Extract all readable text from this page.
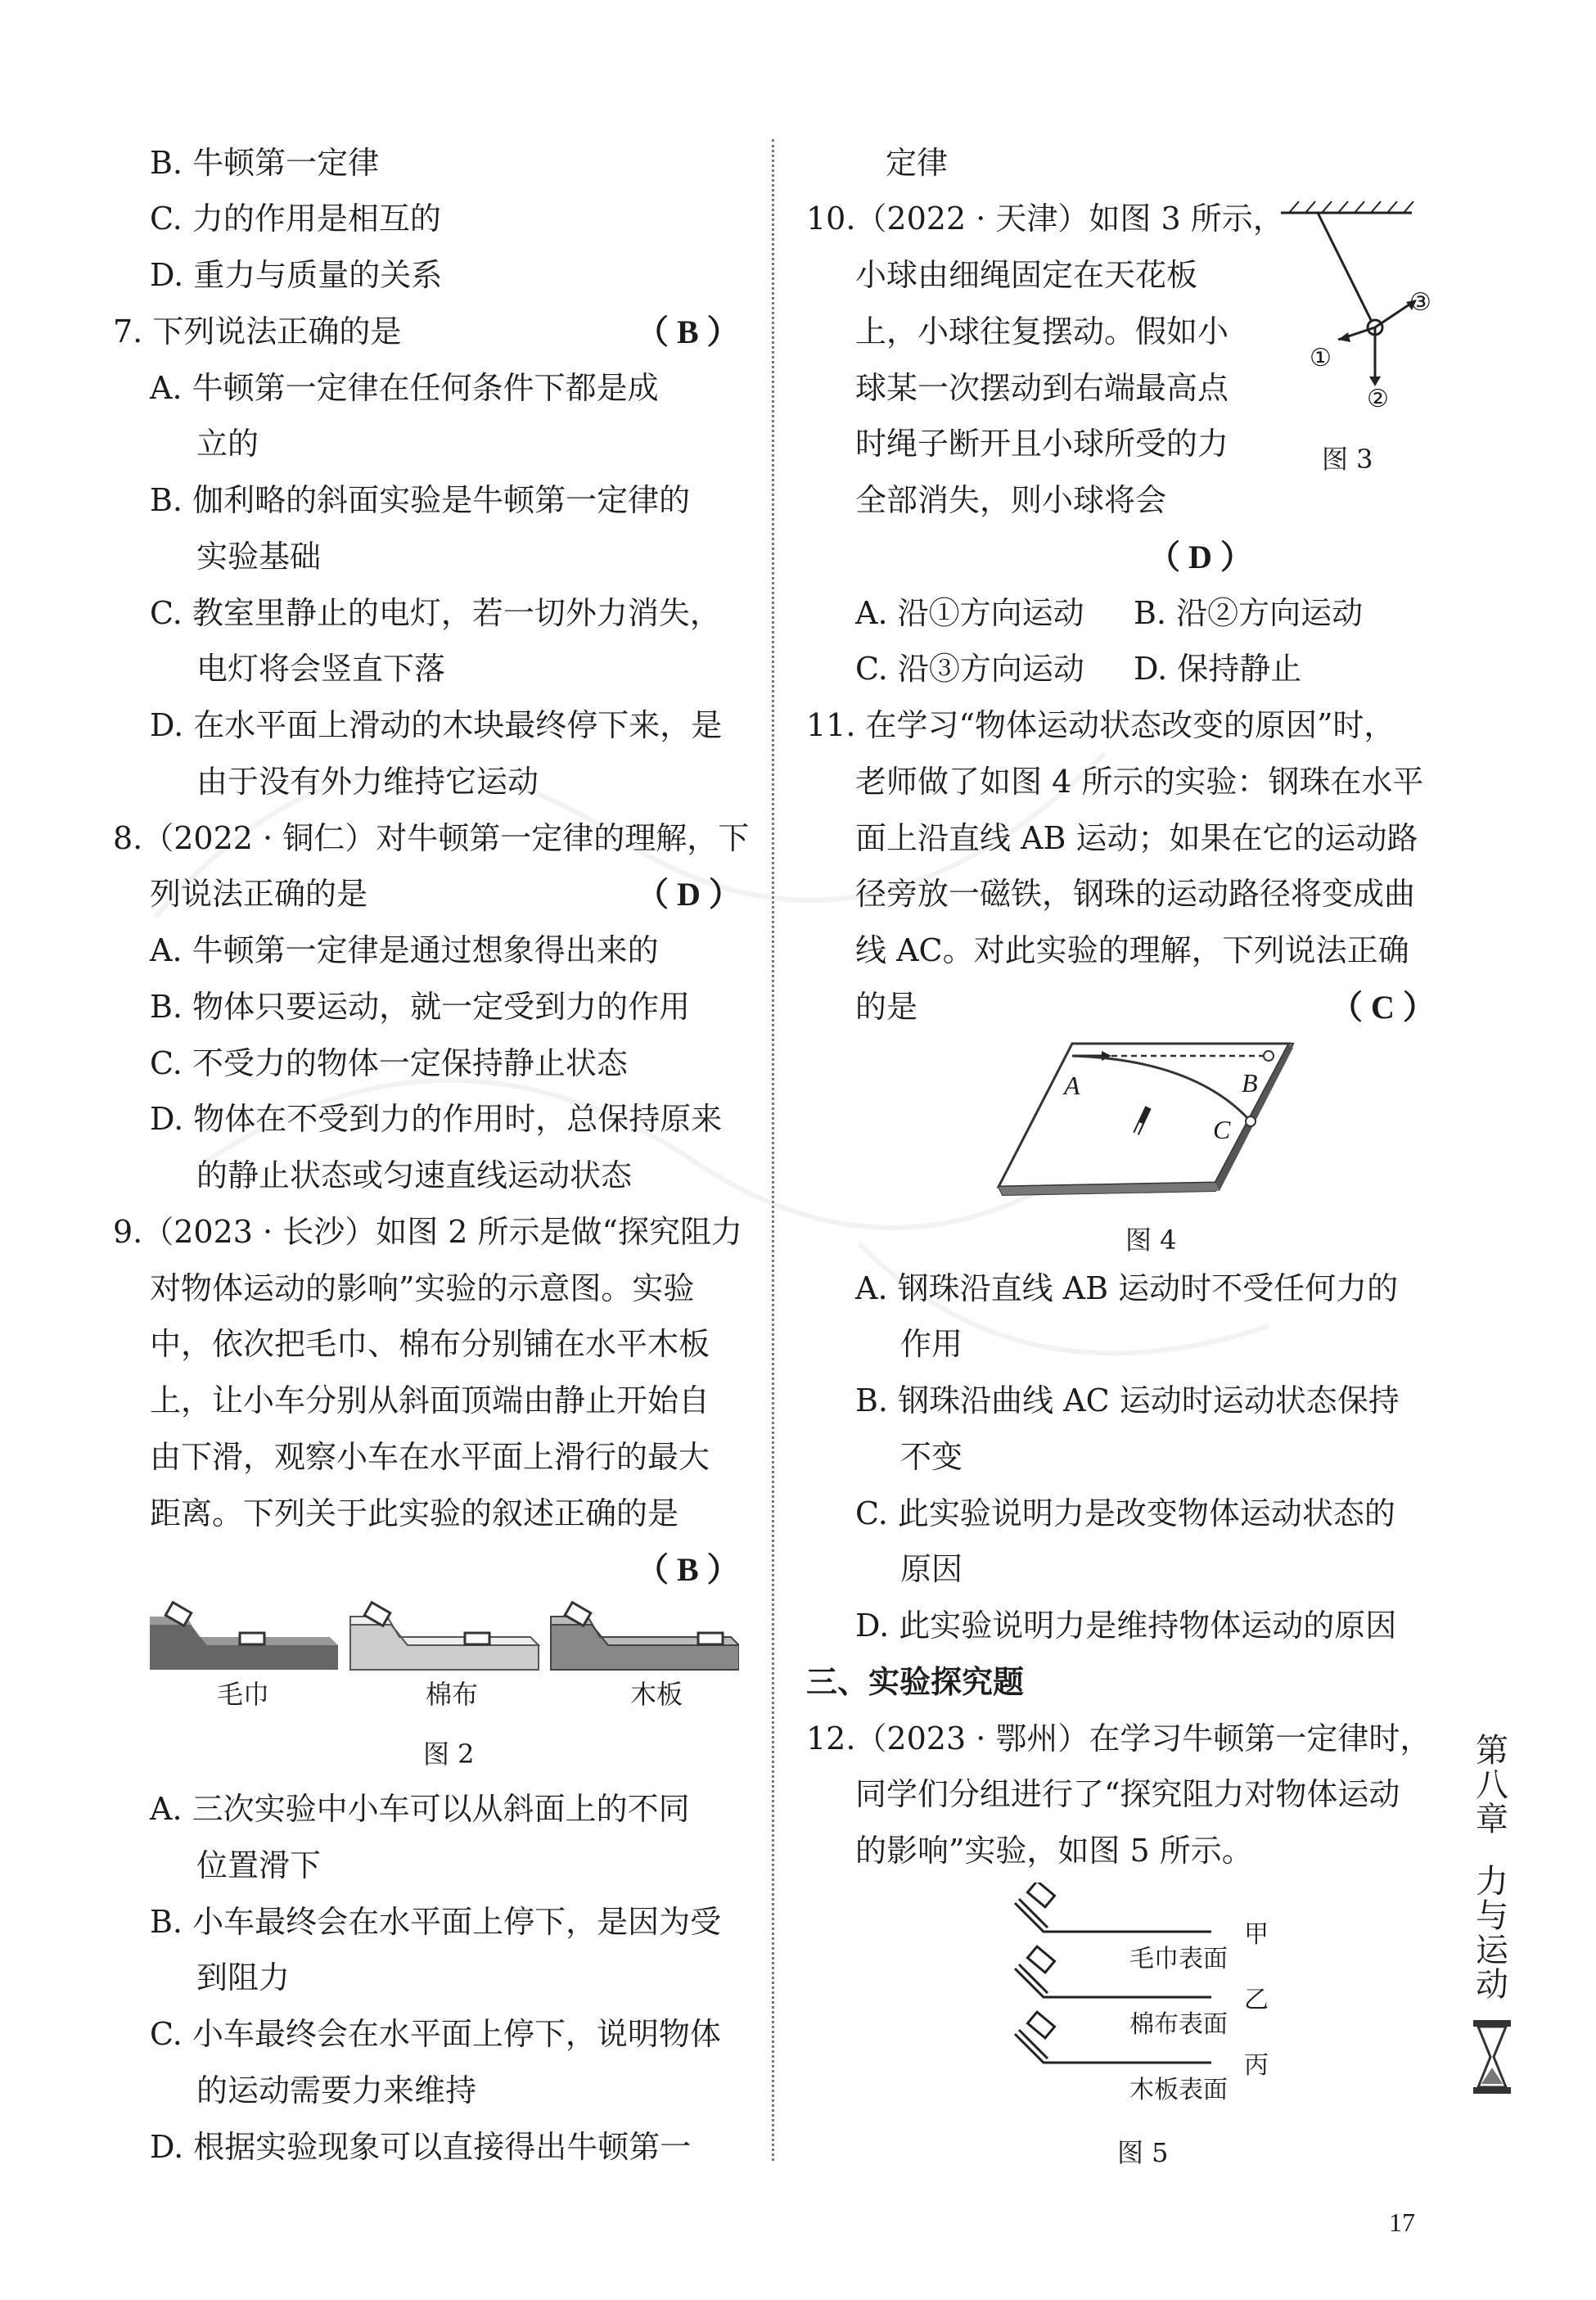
B. 牛顿第一定律
C. 力的作用是相互的
D. 重力与质量的关系
7. 下列说法正确的是	（ B ）
A. 牛顿第一定律在任何条件下都是成
立的
B. 伽利略的斜面实验是牛顿第一定律的
实验基础
C. 教室里静止的电灯，若一切外力消失，
电灯将会竖直下落
D. 在水平面上滑动的木块最终停下来，是
由于没有外力维持它运动
8.（2022 · 铜仁）对牛顿第一定律的理解，下
列说法正确的是	（ D ）
A. 牛顿第一定律是通过想象得出来的
B. 物体只要运动，就一定受到力的作用
C. 不受力的物体一定保持静止状态
D. 物体在不受到力的作用时，总保持原来
的静止状态或匀速直线运动状态
9.（2023 · 长沙）如图 2 所示是做“探究阻力
对物体运动的影响”实验的示意图。实验
中，依次把毛巾、棉布分别铺在水平木板
上，让小车分别从斜面顶端由静止开始自
由下滑，观察小车在水平面上滑行的最大
距离。下列关于此实验的叙述正确的是
（ B ）
毛巾	棉布	木板
图 2
A. 三次实验中小车可以从斜面上的不同
位置滑下
B. 小车最终会在水平面上停下，是因为受
到阻力
C. 小车最终会在水平面上停下，说明物体
的运动需要力来维持
D. 根据实验现象可以直接得出牛顿第一
定律
10.（2022 · 天津）如图 3 所示，
小球由细绳固定在天花板
上，小球往复摆动。假如小
球某一次摆动到右端最高点
时绳子断开且小球所受的力
全部消失，则小球将会
（ D ）
①
②
③
图 3
A. 沿①方向运动 B. 沿②方向运动
C. 沿③方向运动 D. 保持静止
11. 在学习“物体运动状态改变的原因”时，
老师做了如图 4 所示的实验：钢珠在水平
面上沿直线 AB 运动；如果在它的运动路
径旁放一磁铁，钢珠的运动路径将变成曲
线 AC。对此实验的理解，下列说法正确
的是	（ C ）
A	B
C
图 4
A. 钢珠沿直线 AB 运动时不受任何力的
作用
B. 钢珠沿曲线 AC 运动时运动状态保持
不变
C. 此实验说明力是改变物体运动状态的
原因
D. 此实验说明力是维持物体运动的原因
三、实验探究题
12.（2023 · 鄂州）在学习牛顿第一定律时，
同学们分组进行了“探究阻力对物体运动
的影响”实验，如图 5 所示。
毛巾表面
棉布表面
木板表面
甲
乙
丙
图 5
第
八
章
力
与
运
动
17
